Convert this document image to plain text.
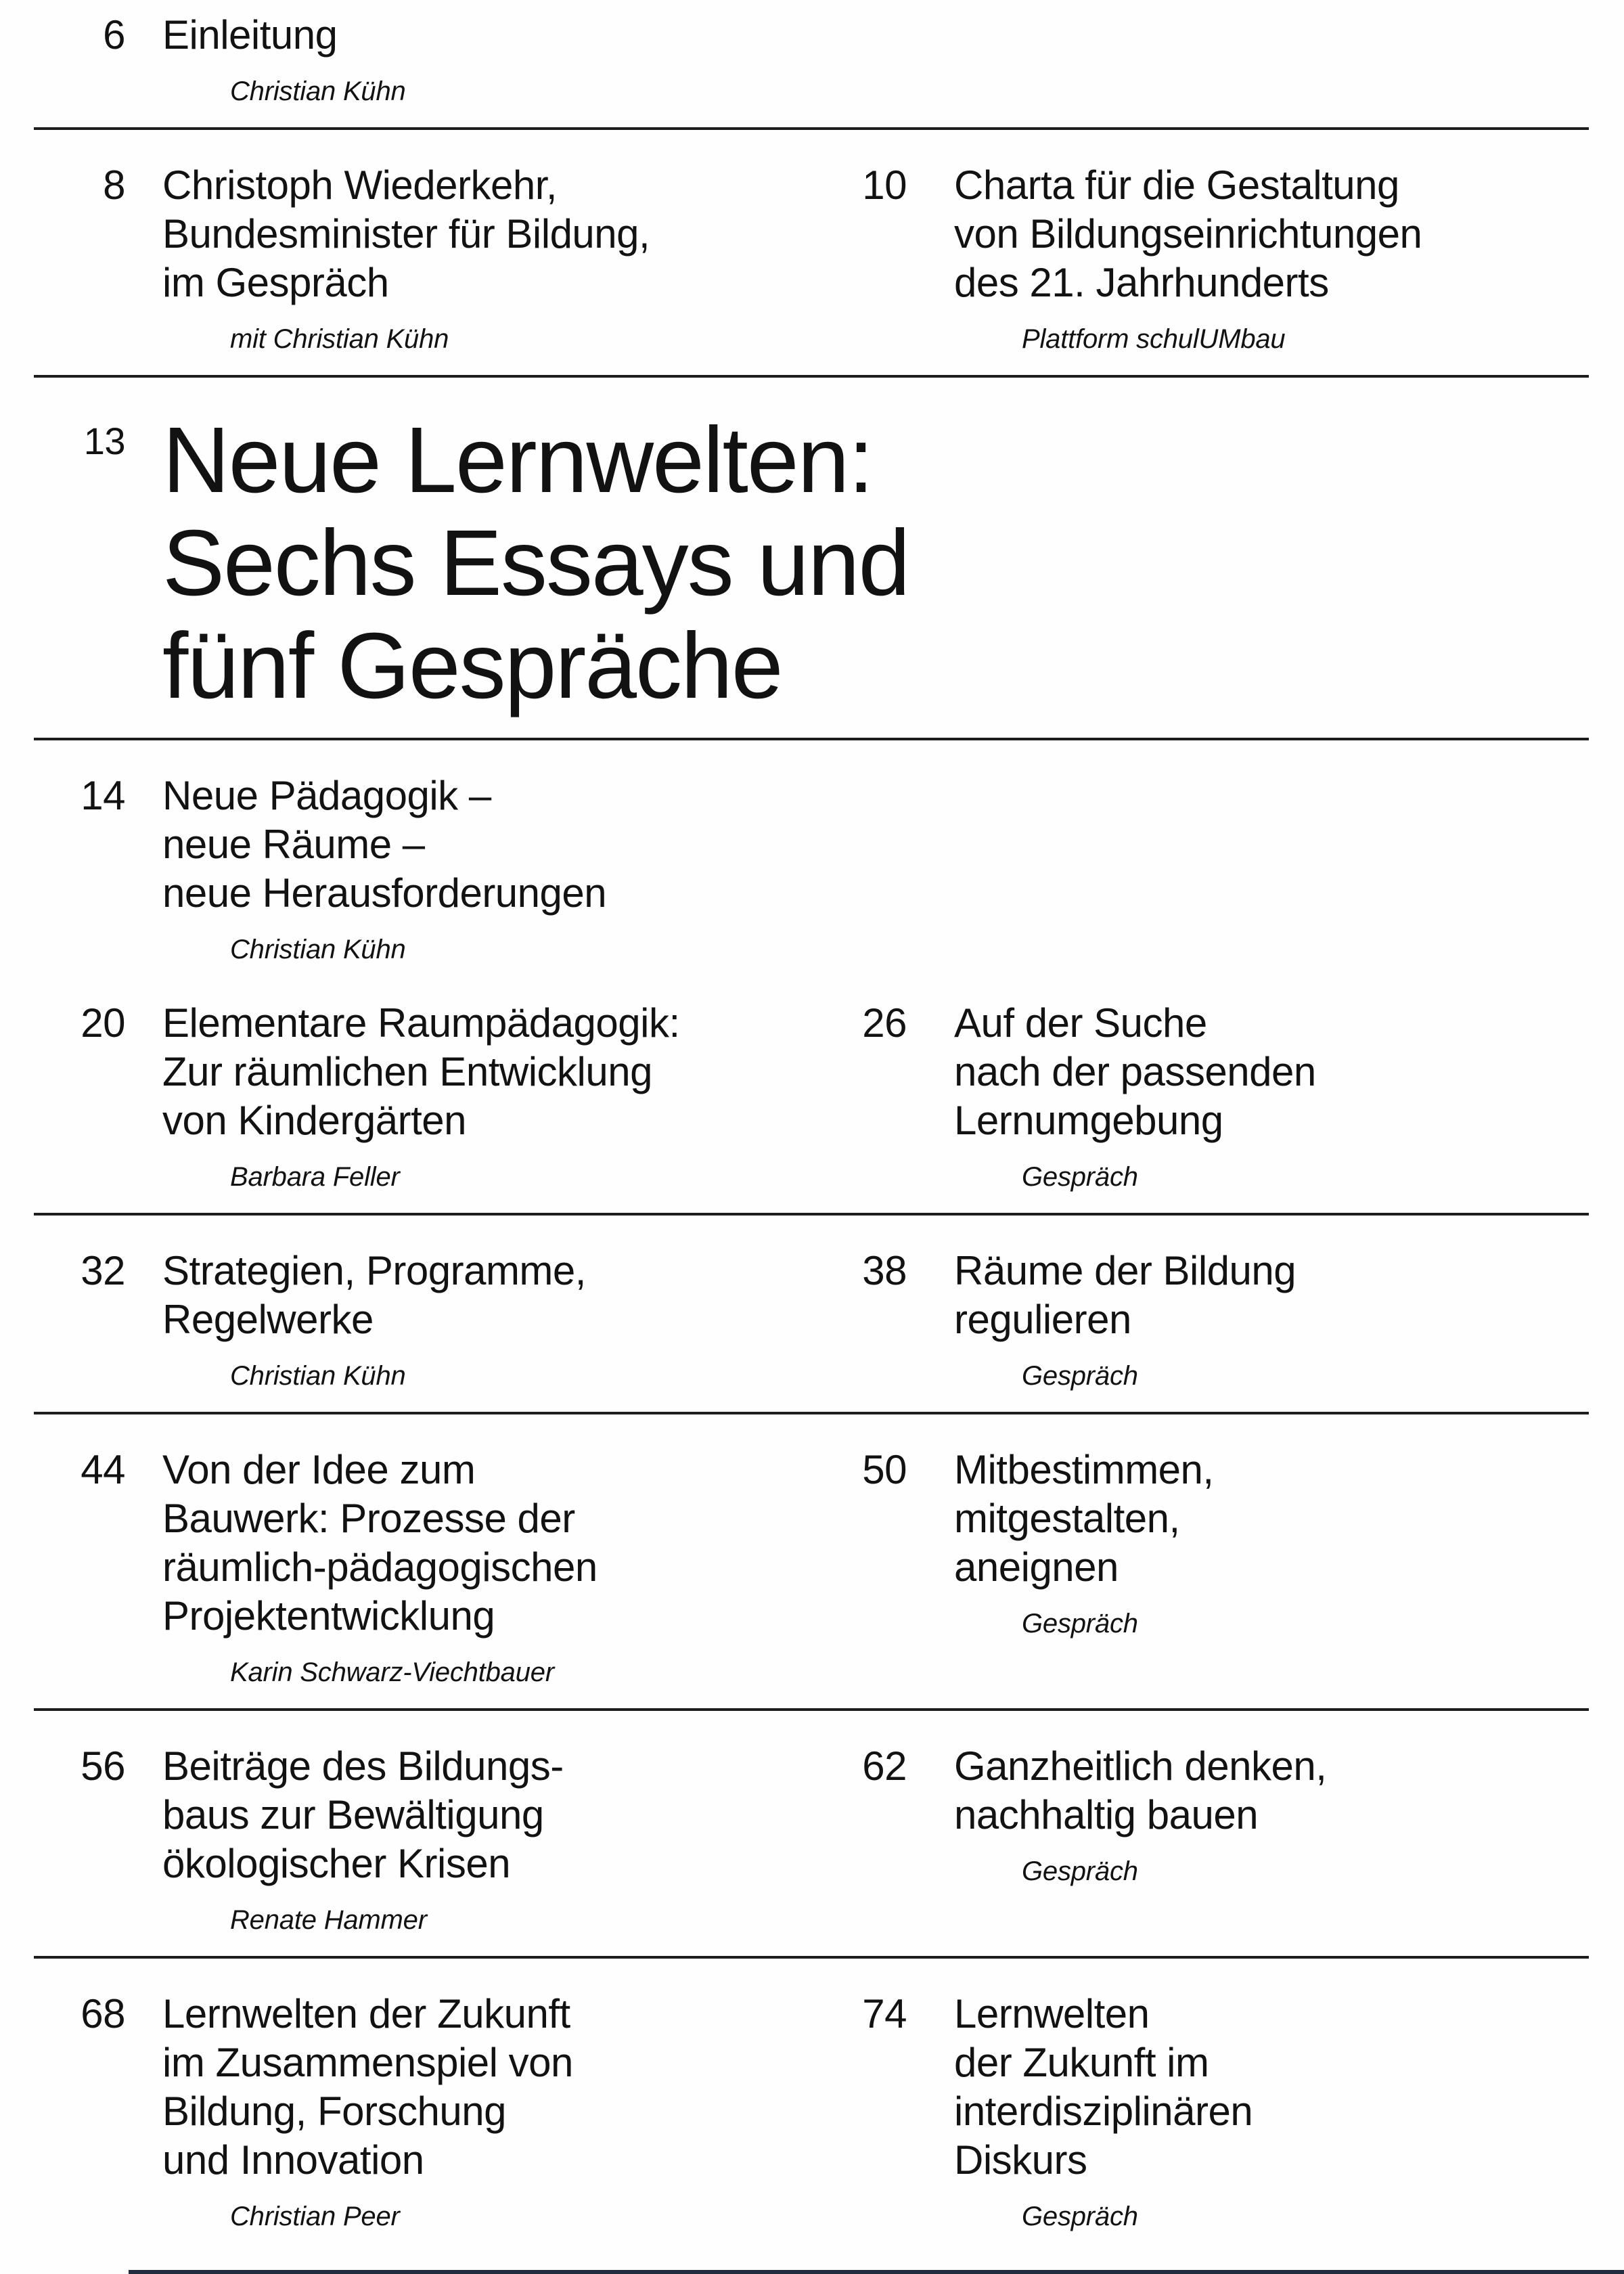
6 Einleitung
Christian Kühn
8 Christoph Wiederkehr,
Bundesminister für Bildung,
im Gespräch
mit Christian Kühn
10 Charta für die Gestaltung
von Bildungseinrichtungen
des 21. Jahrhunderts
Plattform schulUMbau
13 Neue Lernwelten:
Sechs Essays und
fünf Gespräche
14 Neue Pädagogik –
neue Räume –
neue Herausforderungen
Christian Kühn
20 Elementare Raumpädagogik:
Zur räumlichen Entwicklung
von Kindergärten
Barbara Feller
26 Auf der Suche
nach der passenden
Lernumgebung
Gespräch
32 Strategien, Programme,
Regelwerke
Christian Kühn
38 Räume der Bildung
regulieren
Gespräch
44 Von der Idee zum
Bauwerk: Prozesse der
räumlich-pädagogischen
Projektentwicklung
Karin Schwarz-Viechtbauer
50 Mitbestimmen,
mitgestalten,
aneignen
Gespräch
56 Beiträge des Bildungs-
baus zur Bewältigung
ökologischer Krisen
Renate Hammer
62 Ganzheitlich denken,
nachhaltig bauen
Gespräch
68 Lernwelten der Zukunft
im Zusammenspiel von
Bildung, Forschung
und Innovation
Christian Peer
74 Lernwelten
der Zukunft im
interdisziplinären
Diskurs
Gespräch
